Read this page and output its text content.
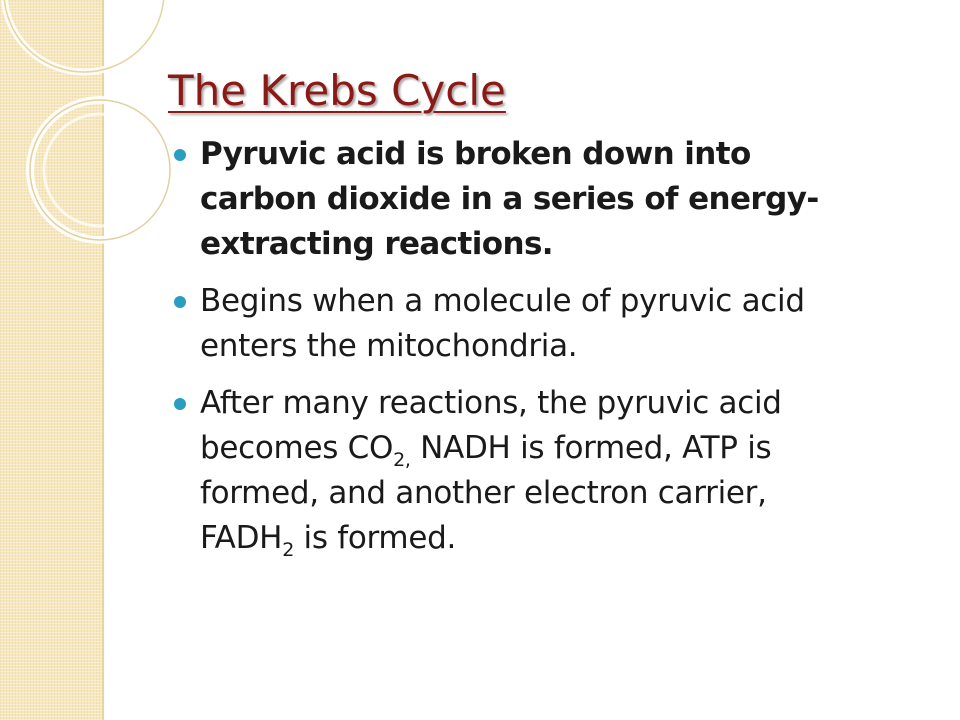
The Krebs Cycle
Pyruvic acid is broken down into
carbon dioxide in a series of energy-
extracting reactions.
Begins when a molecule of pyruvic acid
enters the mitochondria.
After many reactions, the pyruvic acid
becomes $CO_{2,}$ NADH is formed, ATP is
formed, and another electron carrier,
$FADH_2$ is formed.
